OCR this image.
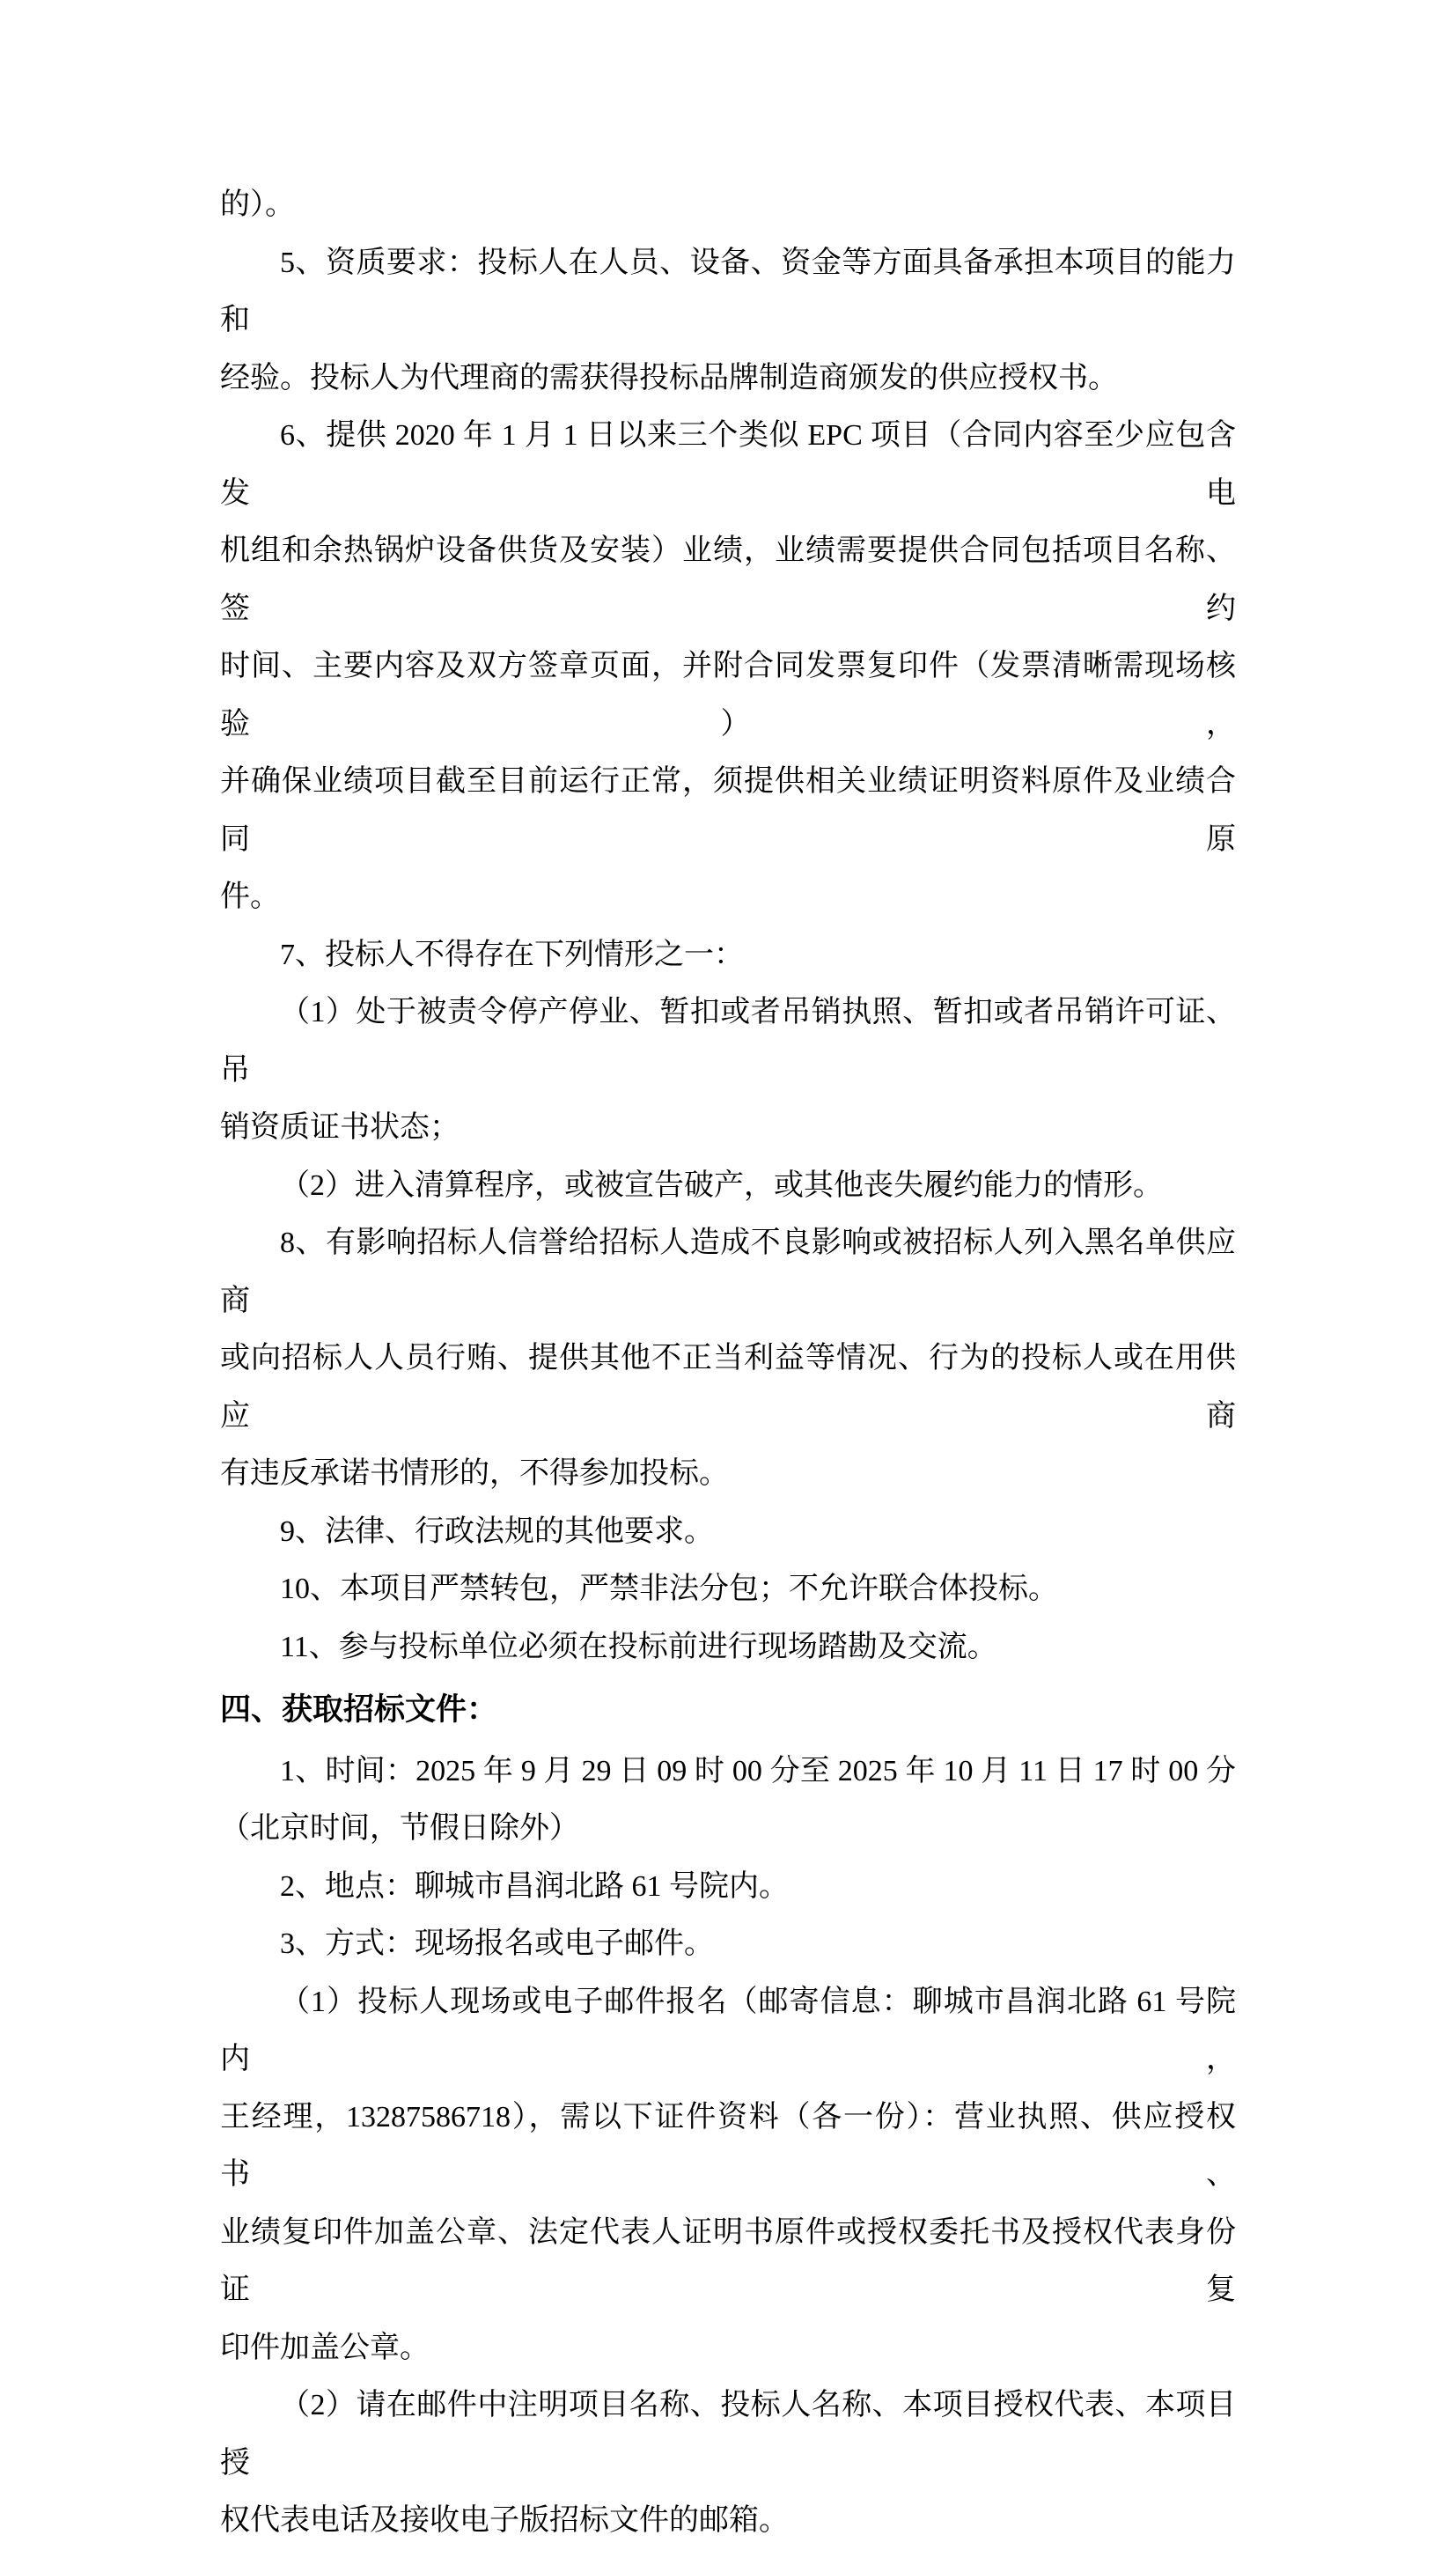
的）。
5、资质要求：投标人在人员、设备、资金等方面具备承担本项目的能力和
经验。投标人为代理商的需获得投标品牌制造商颁发的供应授权书。
6、提供 2020 年 1 月 1 日以来三个类似 EPC 项目（合同内容至少应包含发电
机组和余热锅炉设备供货及安装）业绩，业绩需要提供合同包括项目名称、签约
时间、主要内容及双方签章页面，并附合同发票复印件（发票清晰需现场核验），
并确保业绩项目截至目前运行正常，须提供相关业绩证明资料原件及业绩合同原
件。
7、投标人不得存在下列情形之一：
（1）处于被责令停产停业、暂扣或者吊销执照、暂扣或者吊销许可证、吊
销资质证书状态；
（2）进入清算程序，或被宣告破产，或其他丧失履约能力的情形。
8、有影响招标人信誉给招标人造成不良影响或被招标人列入黑名单供应商
或向招标人人员行贿、提供其他不正当利益等情况、行为的投标人或在用供应商
有违反承诺书情形的，不得参加投标。
9、法律、行政法规的其他要求。
10、本项目严禁转包，严禁非法分包；不允许联合体投标。
11、参与投标单位必须在投标前进行现场踏勘及交流。
四、获取招标文件：
1、时间：2025 年 9 月 29 日 09 时 00 分至 2025 年 10 月 11 日 17 时 00 分
（北京时间，节假日除外）
2、地点：聊城市昌润北路 61 号院内。
3、方式：现场报名或电子邮件。
（1）投标人现场或电子邮件报名（邮寄信息：聊城市昌润北路 61 号院内，
王经理，13287586718），需以下证件资料（各一份）：营业执照、供应授权书、
业绩复印件加盖公章、法定代表人证明书原件或授权委托书及授权代表身份证复
印件加盖公章。
（2）请在邮件中注明项目名称、投标人名称、本项目授权代表、本项目授
权代表电话及接收电子版招标文件的邮箱。
